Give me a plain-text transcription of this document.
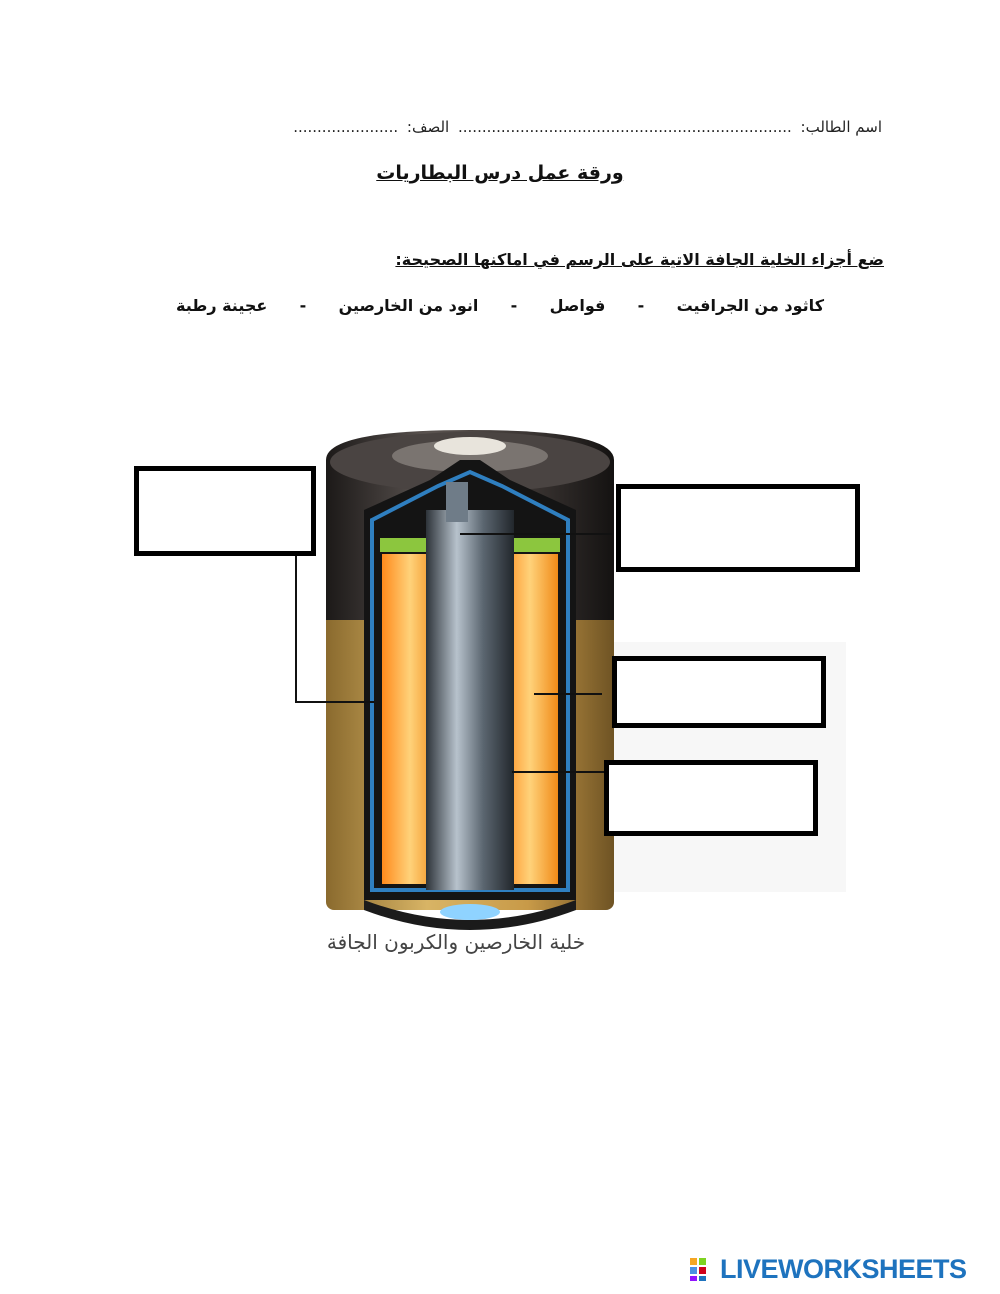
اسم الطالب: ...................................................................... الصف: ......................
ورقة عمل درس البطاريات
ضع أجزاء الخلية الجافة الاتية على الرسم في اماكنها الصحيحة:
كاثود من الجرافيت
-
فواصل
-
انود من الخارصين
-
عجينة رطبة
خلية الخارصين والكربون الجافة
LIVEWORKSHEETS
